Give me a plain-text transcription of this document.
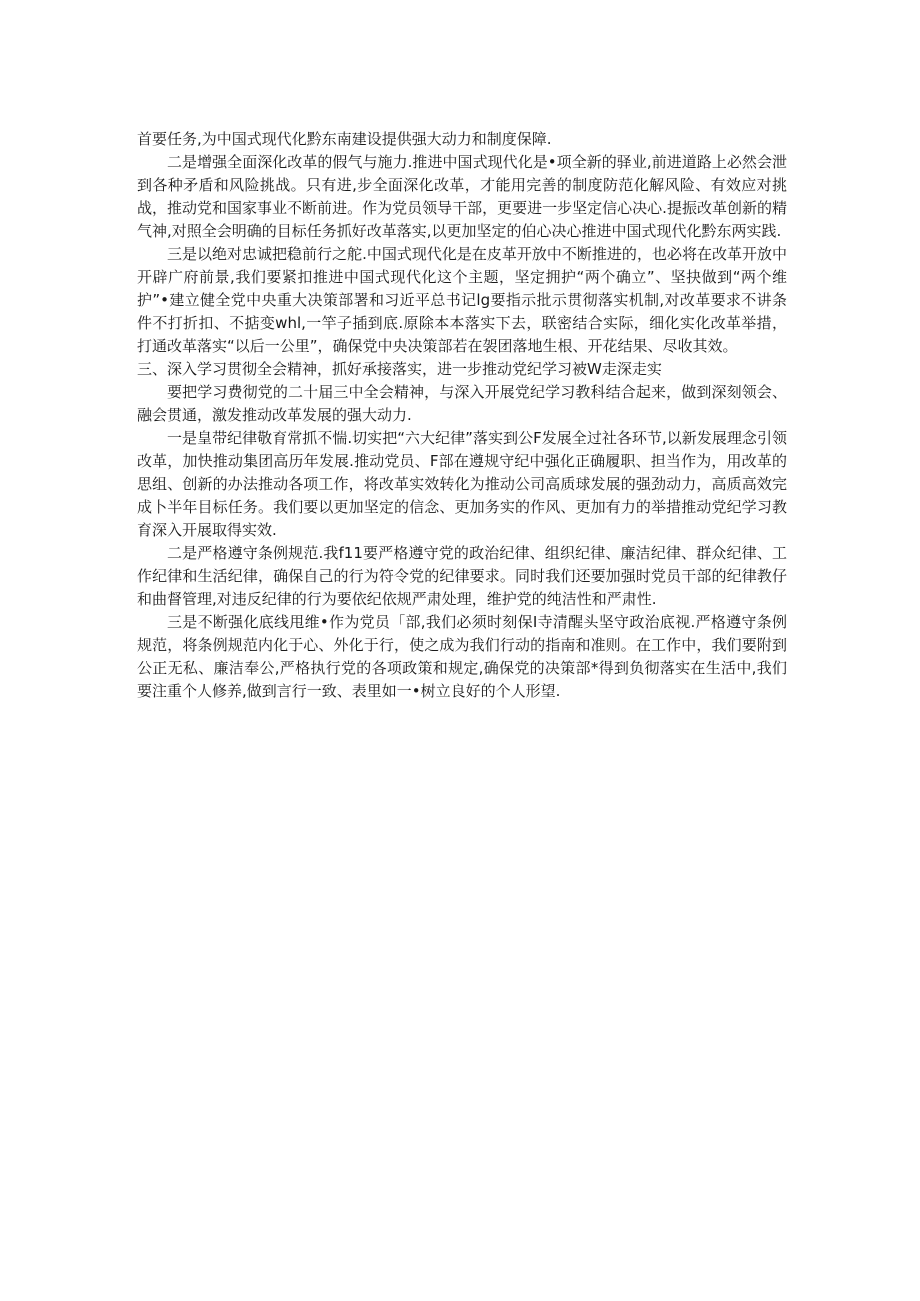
首要任务,为中国式现代化黔东南建设提供强大动力和制度保障.

二是增强全面深化改革的假气与施力.推进中国式现代化是•项全新的驿业,前进道路上必然会泄到各种矛盾和风险挑战。只有进,步全面深化改革，才能用完善的制度防范化解风险、有效应对挑战，推动党和国家事业不断前进。作为党员领导干部，更要进一步坚定信心决心.提振改革创新的精气神,对照全会明确的目标任务抓好改革落实,以更加坚定的伯心决心推进中国式现代化黔东两实践.

三是以绝对忠诚把稳前行之舵.中国式现代化是在皮革开放中不断推进的，也必将在改革开放中开辟广府前景,我们要紧扣推进中国式现代化这个主题，坚定拥护“两个确立”、坚抉做到“两个维护”•建立健全党中央重大决策部署和习近平总书记lg要指示批示贯彻落实机制,对改革要求不讲条件不打折扣、不掂变whl,一竿子插到底.原除本本落实下去，联密结合实际，细化实化改革举措，打通改革落实“以后一公里”，确保党中央决策部若在袈团落地生根、开花结果、尽收其效。

三、深入学习贯彻全会精神，抓好承接落实，进一步推动党纪学习被W走深走实

要把学习费彻党的二十届三中全会精神，与深入开展党纪学习教科结合起来，做到深刻领会、融会贯通，激发推动改革发展的强大动力.

一是皇带纪律敬育常抓不惴.切实把“六大纪律”落实到公F发展全过社各环节,以新发展理念引领改革，加快推动集团高历年发展.推动党员、F部在遵规守纪中强化正确履职、担当作为，用改革的思组、创新的办法推动各项工作，将改革实效转化为推动公司高质球发展的强劲动力，高质高效完成卜半年目标任务。我们要以更加坚定的信念、更加务实的作风、更加有力的举措推动党纪学习教育深入开展取得实效.

二是严格遵守条例规范.我f11要严格遵守党的政治纪律、组织纪律、廉洁纪律、群众纪律、工作纪律和生活纪律，确保自己的行为符令党的纪律要求。同时我们还要加强时党员干部的纪律教仔和曲督管理,对违反纪律的行为要依纪依规严肃处理，维护党的纯洁性和严肃性.

三是不断强化底线甩维•作为党员「部,我们必须时刻保I寺清醒头坚守政治底视.严格遵守条例规范，将条例规范内化于心、外化于行，使之成为我们行动的指南和准则。在工作中，我们要附到公正无私、廉洁奉公,严格执行党的各项政策和规定,确保党的决策部*得到负彻落实在生活中,我们要注重个人修养,做到言行一致、表里如一•树立良好的个人形望.
